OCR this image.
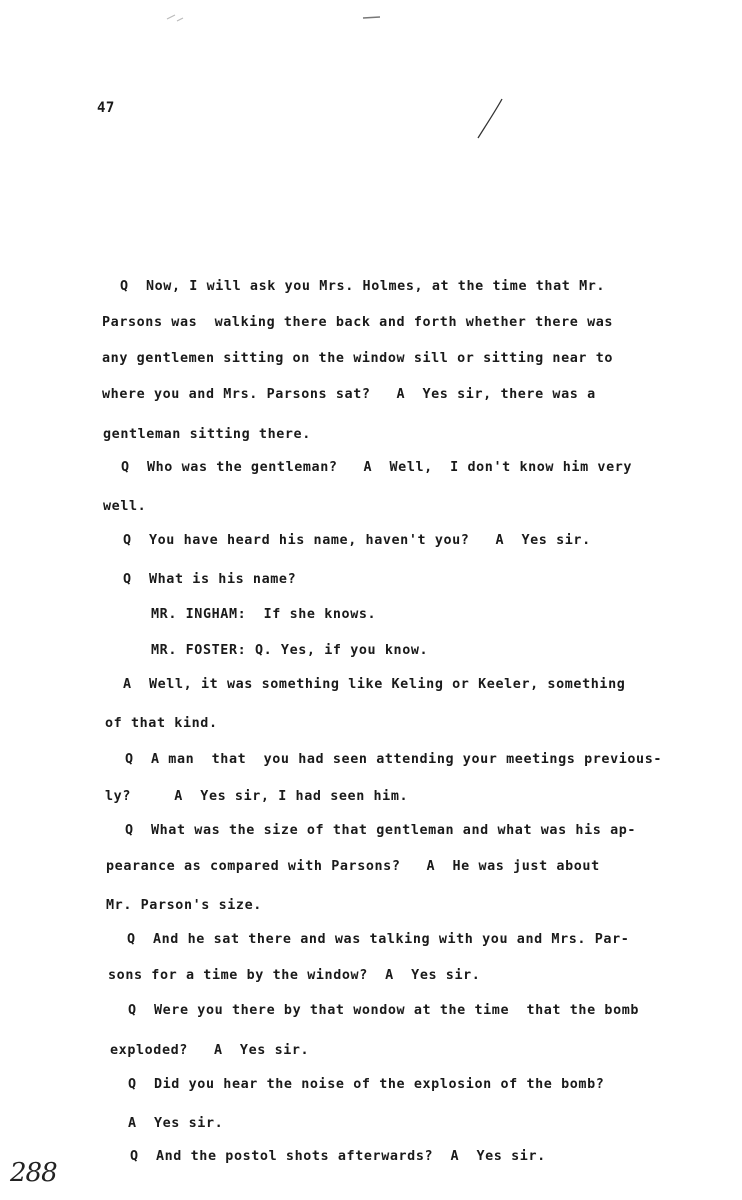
47
Q  Now, I will ask you Mrs. Holmes, at the time that Mr.
Parsons was  walking there back and forth whether there was
any gentlemen sitting on the window sill or sitting near to
where you and Mrs. Parsons sat?   A  Yes sir, there was a
gentleman sitting there.
Q  Who was the gentleman?   A  Well,  I don't know him very
well.
Q  You have heard his name, haven't you?   A  Yes sir.
Q  What is his name?
MR. INGHAM:  If she knows.
MR. FOSTER: Q. Yes, if you know.
A  Well, it was something like Keling or Keeler, something
of that kind.
Q  A man  that  you had seen attending your meetings previous-
ly?     A  Yes sir, I had seen him.
Q  What was the size of that gentleman and what was his ap-
pearance as compared with Parsons?   A  He was just about
Mr. Parson's size.
Q  And he sat there and was talking with you and Mrs. Par-
sons for a time by the window?  A  Yes sir.
Q  Were you there by that wondow at the time  that the bomb
exploded?   A  Yes sir.
Q  Did you hear the noise of the explosion of the bomb?
A  Yes sir.
Q  And the postol shots afterwards?  A  Yes sir.
288
